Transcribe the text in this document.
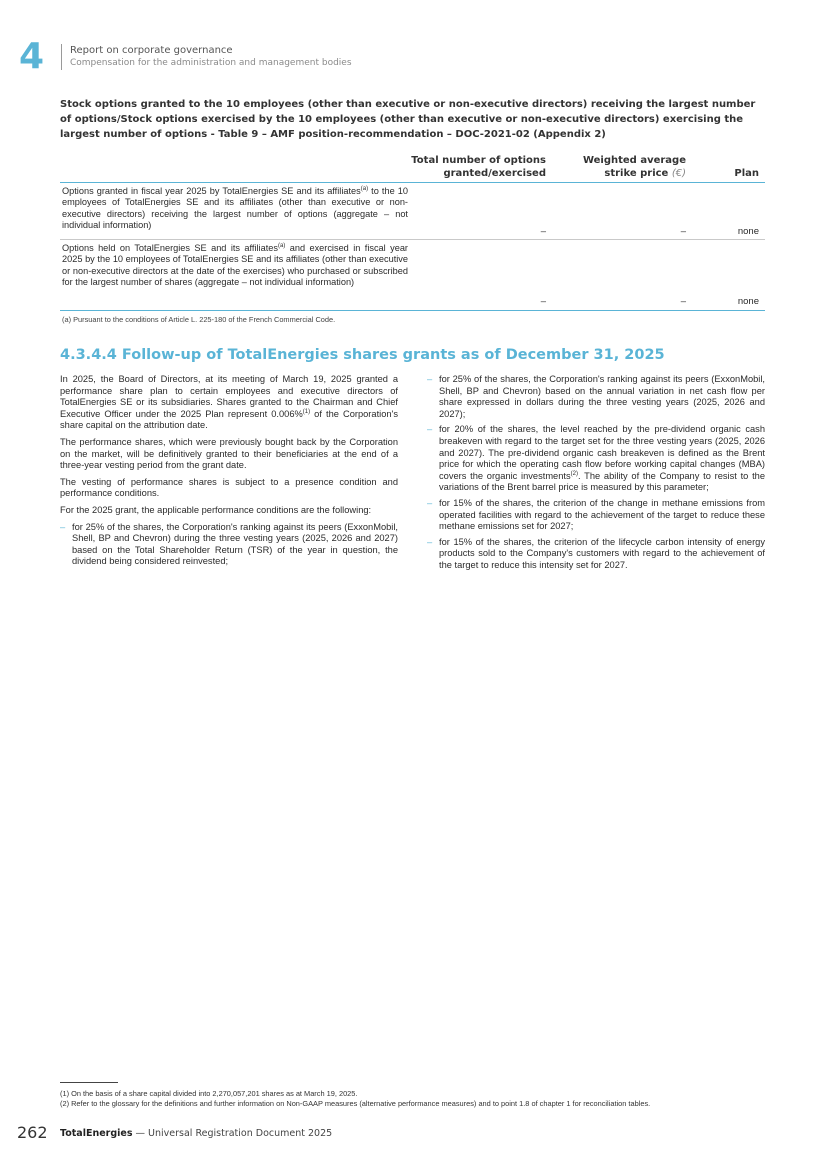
4	Report on corporate governance
Compensation for the administration and management bodies
Stock options granted to the 10 employees (other than executive or non-executive directors) receiving the largest number of options/Stock options exercised by the 10 employees (other than executive or non-executive directors) exercising the largest number of options - Table 9 – AMF position-recommendation – DOC-2021-02 (Appendix 2)
Total number of options
granted/exercised
Weighted average
strike price (€)	Plan
Options granted in fiscal year 2025 by TotalEnergies SE and its affiliates$^{(a)}$ to the 10 employees of TotalEnergies SE and its affiliates (other than executive or non-executive directors) receiving the largest number of options (aggregate – not individual information)
–	–	none
Options held on TotalEnergies SE and its affiliates$^{(a)}$ and exercised in fiscal year 2025 by the 10 employees of TotalEnergies SE and its affiliates (other than executive or non-executive directors at the date of the exercises) who purchased or subscribed for the largest number of shares (aggregate – not individual information)
–	–	none
(a) Pursuant to the conditions of Article L. 225-180 of the French Commercial Code.
4.3.4.4 Follow-up of TotalEnergies shares grants as of December 31, 2025

In 2025, the Board of Directors, at its meeting of March 19, 2025 granted a performance share plan to certain employees and executive directors of TotalEnergies SE or its subsidiaries. Shares granted to the Chairman and Chief Executive Officer under the 2025 Plan represent 0.006%$^{(1)}$ of the Corporation's share capital on the attribution date.

The performance shares, which were previously bought back by the Corporation on the market, will be definitively granted to their beneficiaries at the end of a three-year vesting period from the grant date.

The vesting of performance shares is subject to a presence condition and performance conditions.

For the 2025 grant, the applicable performance conditions are the following:

– for 25% of the shares, the Corporation's ranking against its peers (ExxonMobil, Shell, BP and Chevron) during the three vesting years (2025, 2026 and 2027) based on the Total Shareholder Return (TSR) of the year in question, the dividend being considered reinvested;
– for 25% of the shares, the Corporation's ranking against its peers (ExxonMobil, Shell, BP and Chevron) based on the annual variation in net cash flow per share expressed in dollars during the three vesting years (2025, 2026 and 2027);
– for 20% of the shares, the level reached by the pre-dividend organic cash breakeven with regard to the target set for the three vesting years (2025, 2026 and 2027). The pre-dividend organic cash breakeven is defined as the Brent price for which the operating cash flow before working capital changes (MBA) covers the organic investments$^{(2)}$. The ability of the Company to resist to the variations of the Brent barrel price is measured by this parameter;
– for 15% of the shares, the criterion of the change in methane emissions from operated facilities with regard to the achievement of the target to reduce these methane emissions set for 2027;
– for 15% of the shares, the criterion of the lifecycle carbon intensity of energy products sold to the Company's customers with regard to the achievement of the target to reduce this intensity set for 2027.
(1) On the basis of a share capital divided into 2,270,057,201 shares as at March 19, 2025.
(2) Refer to the glossary for the definitions and further information on Non-GAAP measures (alternative performance measures) and to point 1.8 of chapter 1 for reconciliation tables.
262 TotalEnergies — Universal Registration Document 2025
